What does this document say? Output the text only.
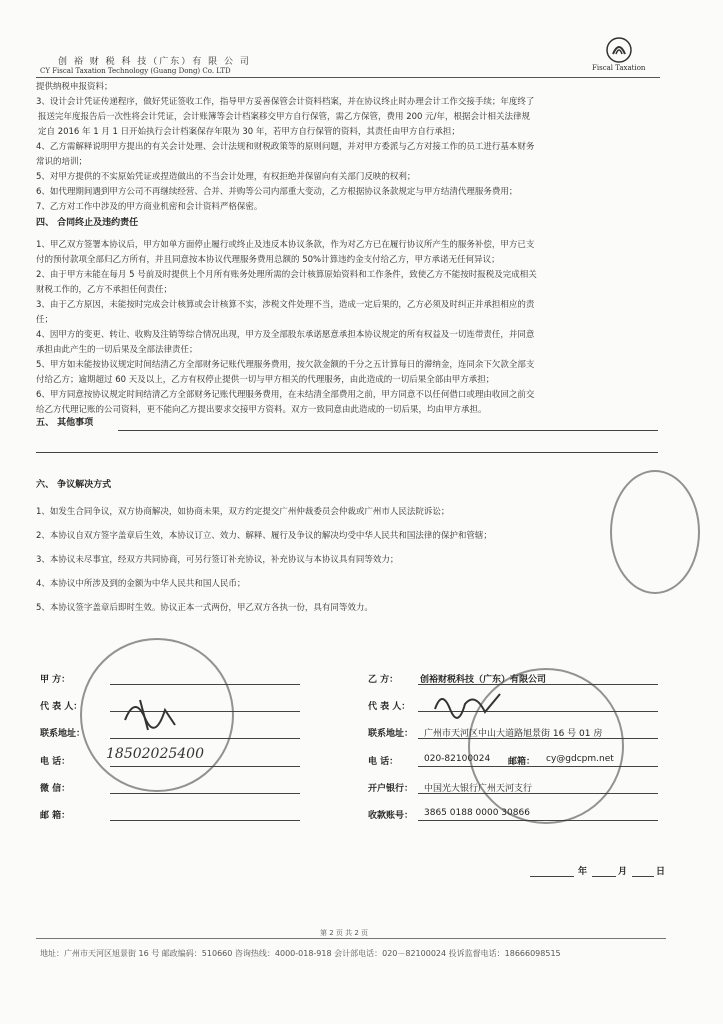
创 裕 财 税 科 技（广东）有 限 公 司
CY Fiscal Taxation Technology (Guang Dong) Co. LTD	Fiscal Taxation

提供纳税申报资料；

3、设计会计凭证传递程序，做好凭证签收工作，指导甲方妥善保管会计资料档案，并在协议终止时办理会计工作交接手续；年度终了

报送完年度报告后一次性将会计凭证，会计账簿等会计档案移交甲方自行保管，需乙方保管，费用 200 元/年，根据会计相关法律规

定自 2016 年 1 月 1 日开始执行会计档案保存年限为 30 年，若甲方自行保管的资料，其责任由甲方自行承担；

4、乙方需解释说明甲方提出的有关会计处理、会计法规和财税政策等的原则问题，并对甲方委派与乙方对接工作的员工进行基本财务

常识的培训；

5、对甲方提供的不实原始凭证或捏造做出的不当会计处理，有权拒绝并保留向有关部门反映的权利；

6、如代理期间遇到甲方公司不再继续经营、合并、并购等公司内部重大变动，乙方根据协议条款规定与甲方结清代理服务费用；

7、乙方对工作中涉及的甲方商业机密和会计资料严格保密。

四、 合同终止及违约责任

1、甲乙双方签署本协议后，甲方如单方面停止履行或终止及违反本协议条款，作为对乙方已在履行协议所产生的服务补偿，甲方已支

付的预付款项全部归乙方所有，并且同意按本协议代理服务费用总额的 50%计算违约金支付给乙方，甲方承诺无任何异议；

2、由于甲方未能在每月 5 号前及时提供上个月所有账务处理所需的会计核算原始资料和工作条件，致使乙方不能按时报税及完成相关

财税工作的，乙方不承担任何责任；

3、由于乙方原因，未能按时完成会计核算或会计核算不实，涉税文件处理不当，造成一定后果的，乙方必须及时纠正并承担相应的责

任；

4、因甲方的变更、转让、收购及注销等综合情况出现，甲方及全部股东承诺愿意承担本协议规定的所有权益及一切连带责任，并同意

承担由此产生的一切后果及全部法律责任；

5、甲方如未能按协议规定时间结清乙方全部财务记账代理服务费用，按欠款金额的千分之五计算每日的滞纳金，连同余下欠款全部支

付给乙方；逾期超过 60 天及以上，乙方有权停止提供一切与甲方相关的代理服务，由此造成的一切后果全部由甲方承担；

6、甲方同意按协议规定时间结清乙方全部财务记账代理服务费用，在未结清全部费用之前，甲方同意不以任何借口或理由收回之前交

给乙方代理记账的公司资料，更不能向乙方提出要求交接甲方资料。双方一致同意由此造成的一切后果，均由甲方承担。

五、 其他事项
六、 争议解决方式

1、如发生合同争议，双方协商解决，如协商未果，双方约定提交广州仲裁委员会仲裁或广州市人民法院诉讼；

2、本协议自双方签字盖章后生效，本协议订立、效力、解释、履行及争议的解决均受中华人民共和国法律的保护和管辖；

3、本协议未尽事宜，经双方共同协商，可另行签订补充协议，补充协议与本协议具有同等效力；

4、本协议中所涉及到的金额为中华人民共和国人民币；

5、本协议签字盖章后即时生效。协议正本一式两份，甲乙双方各执一份，具有同等效力。

甲 方：
代 表 人：
联系地址：
电 话：	18502025400
微 信：
邮 箱：
乙 方： 创裕财税科技（广东）有限公司
代 表 人：
联系地址： 广州市天河区中山大道路旭景街 16 号 01 房
电 话：	020-82100024 邮箱： cy@gdcpm.net
开户银行： 中国光大银行广州天河支行
收款账号： 3865 0188 0000 30866
年	月	日
第 2 页 共 2 页
地址：广州市天河区旭景街 16 号 邮政编码：510660 咨询热线：4000-018-918 会计部电话：020－82100024 投诉监督电话：18666098515
